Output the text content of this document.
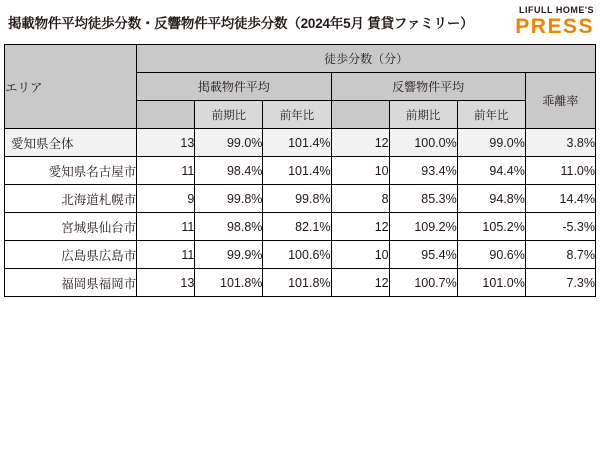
掲載物件平均徒歩分数・反響物件平均徒歩分数（2024年5月 賃貸ファミリー）
LIFULL HOME'S
PRESS
エリア	徒歩分数（分）						
	掲載物件平均			反響物件平均			乖離率
		前期比	前年比		前期比	前年比	
愛知県全体	13	99.0%	101.4%	12	100.0%	99.0%	3.8%
愛知県名古屋市	11	98.4%	101.4%	10	93.4%	94.4%	11.0%
北海道札幌市	9	99.8%	99.8%	8	85.3%	94.8%	14.4%
宮城県仙台市	11	98.8%	82.1%	12	109.2%	105.2%	-5.3%
広島県広島市	11	99.9%	100.6%	10	95.4%	90.6%	8.7%
福岡県福岡市	13	101.8%	101.8%	12	100.7%	101.0%	7.3%
